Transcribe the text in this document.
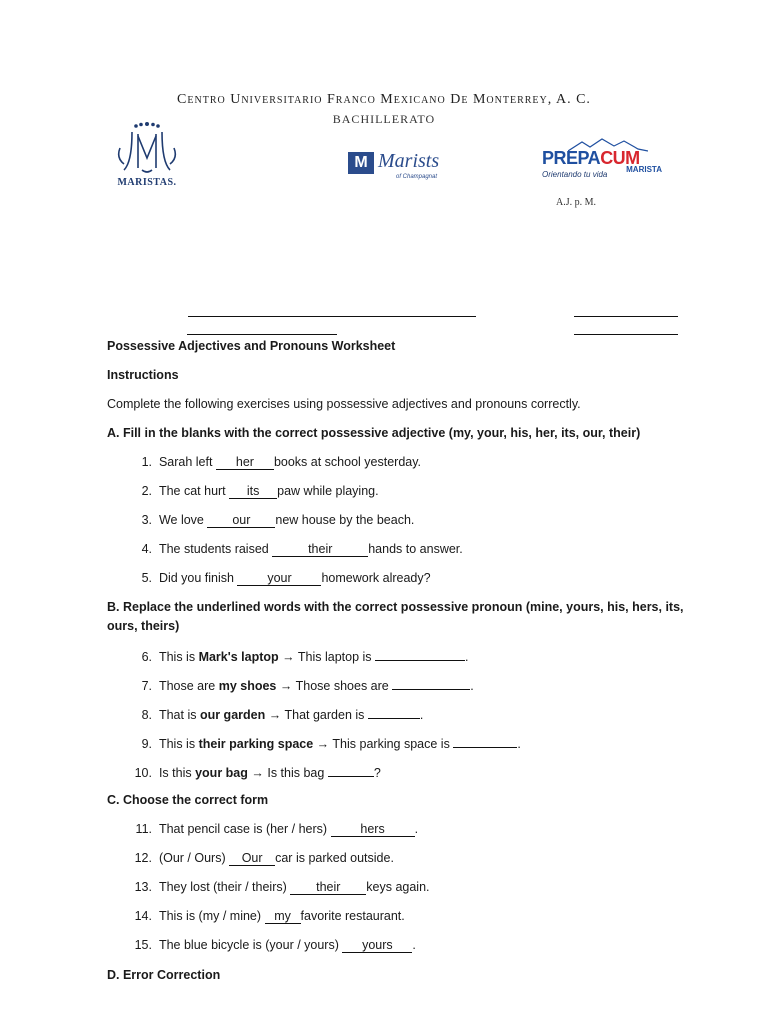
Centro Universitario Franco Mexicano De Monterrey, A. C.
BACHILLERATO
MARISTAS.
M Marists
of Champagnat
PREPACUM
MARISTA
Orientando tu vida
A.J. p. M.
Possessive Adjectives and Pronouns Worksheet
Instructions
Complete the following exercises using possessive adjectives and pronouns correctly.
A. Fill in the blanks with the correct possessive adjective (my, your, his, her, its, our, their)
1. Sarah left her books at school yesterday.
2. The cat hurt its paw while playing.
3. We love our new house by the beach.
4. The students raised	their	hands to answer.
5. Did you finish	your homework already?
B. Replace the underlined words with the correct possessive pronoun (mine, yours, his, hers, its,
ours, theirs)
6. This is Mark's laptop → This laptop is	.
7. Those are my shoes → Those shoes are	.
8. That is our garden → That garden is	.
9. This is their parking space → This parking space is	.
10. Is this your bag → Is this bag	?
C. Choose the correct form
11. That pencil case is (her / hers)	hers .
12. (Our / Ours) Our car is parked outside.
13. They lost (their / theirs) their keys again.
14. This is (my / mine) my favorite restaurant.
15. The blue bicycle is (your / yours) yours .
D. Error Correction
